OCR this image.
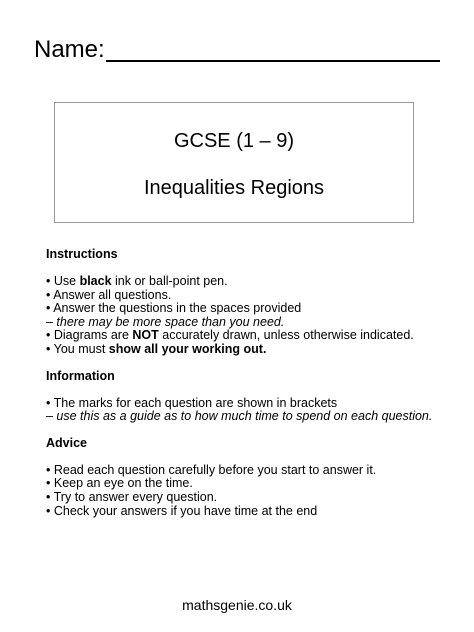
Name:
GCSE (1 – 9)
Inequalities Regions
Instructions
• Use black ink or ball-point pen.
• Answer all questions.
• Answer the questions in the spaces provided
– there may be more space than you need.
• Diagrams are NOT accurately drawn, unless otherwise indicated.
• You must show all your working out.
Information
• The marks for each question are shown in brackets
– use this as a guide as to how much time to spend on each question.
Advice
• Read each question carefully before you start to answer it.
• Keep an eye on the time.
• Try to answer every question.
• Check your answers if you have time at the end
mathsgenie.co.uk
